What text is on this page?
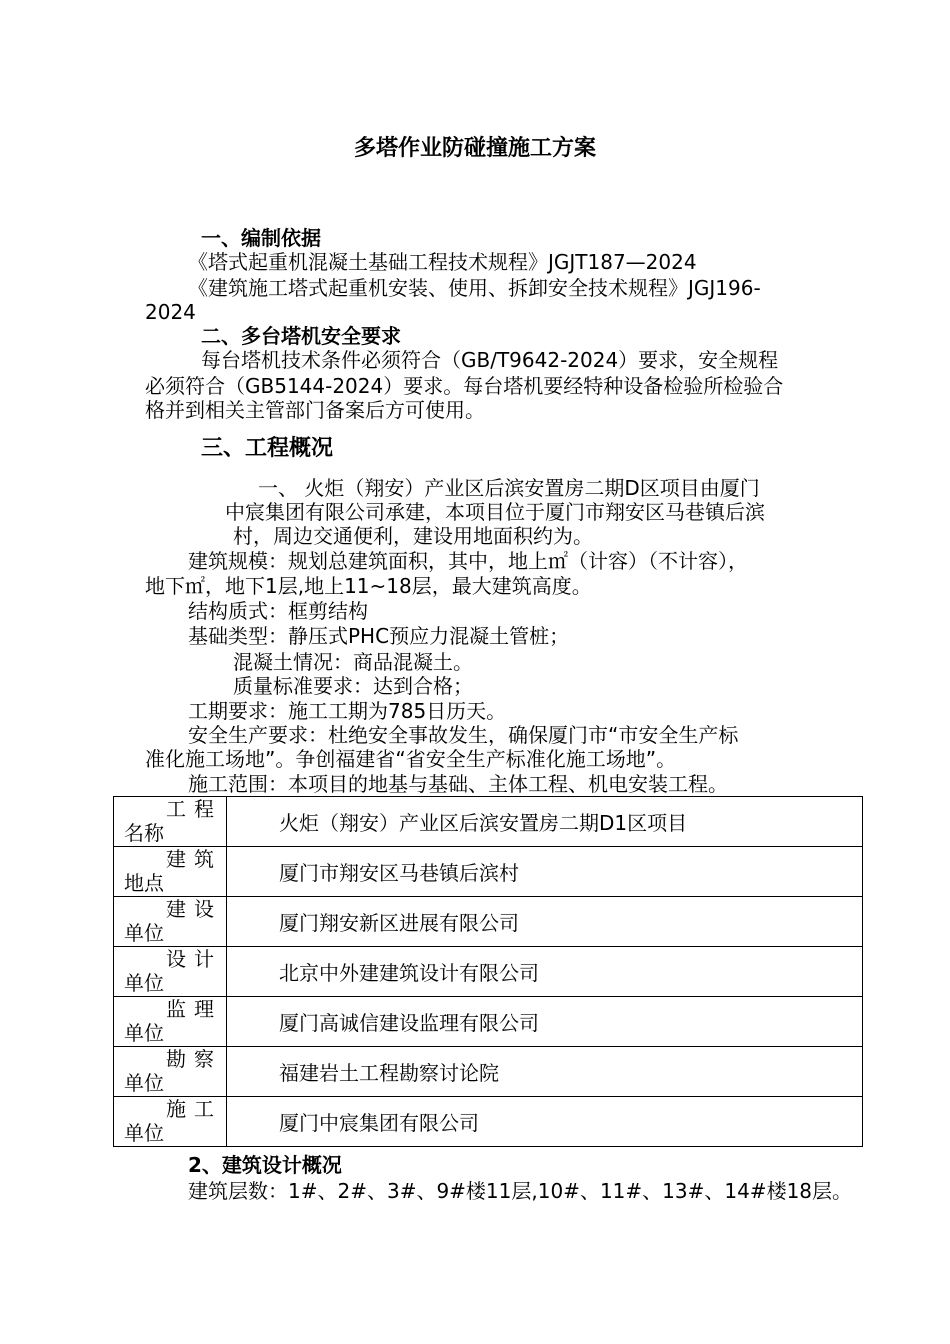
多塔作业防碰撞施工方案
一、编制依据
《塔式起重机混凝土基础工程技术规程》JGJT187—2024
《建筑施工塔式起重机安装、使用、拆卸安全技术规程》JGJ196-
2024
二、多台塔机安全要求
每台塔机技术条件必须符合（GB/T9642-2024）要求，安全规程
必须符合（GB5144-2024）要求。每台塔机要经特种设备检验所检验合
格并到相关主管部门备案后方可使用。
三、工程概况
一、 火炬（翔安）产业区后滨安置房二期D区项目由厦门
中宸集团有限公司承建，本项目位于厦门市翔安区马巷镇后滨
村，周边交通便利，建设用地面积约为。
建筑规模：规划总建筑面积，其中，地上㎡（计容）（不计容），
地下㎡，地下1层,地上11~18层，最大建筑高度。
结构质式：框剪结构
基础类型：静压式PHC预应力混凝土管桩；
混凝土情况：商品混凝土。
质量标准要求：达到合格；
工期要求：施工工期为785日历天。
安全生产要求：杜绝安全事故发生，确保厦门市“市安全生产标
准化施工场地”。争创福建省“省安全生产标准化施工场地”。
施工范围：本项目的地基与基础、主体工程、机电安装工程。
工程
名称	火炬（翔安）产业区后滨安置房二期D1区项目

建筑
地点	厦门市翔安区马巷镇后滨村

建设
单位	厦门翔安新区进展有限公司

设计
单位	北京中外建建筑设计有限公司

监理
单位	厦门高诚信建设监理有限公司

勘察
单位	福建岩土工程勘察讨论院

施工
单位	厦门中宸集团有限公司
2、建筑设计概况
建筑层数：1#、2#、3#、9#楼11层,10#、11#、13#、14#楼18层。
